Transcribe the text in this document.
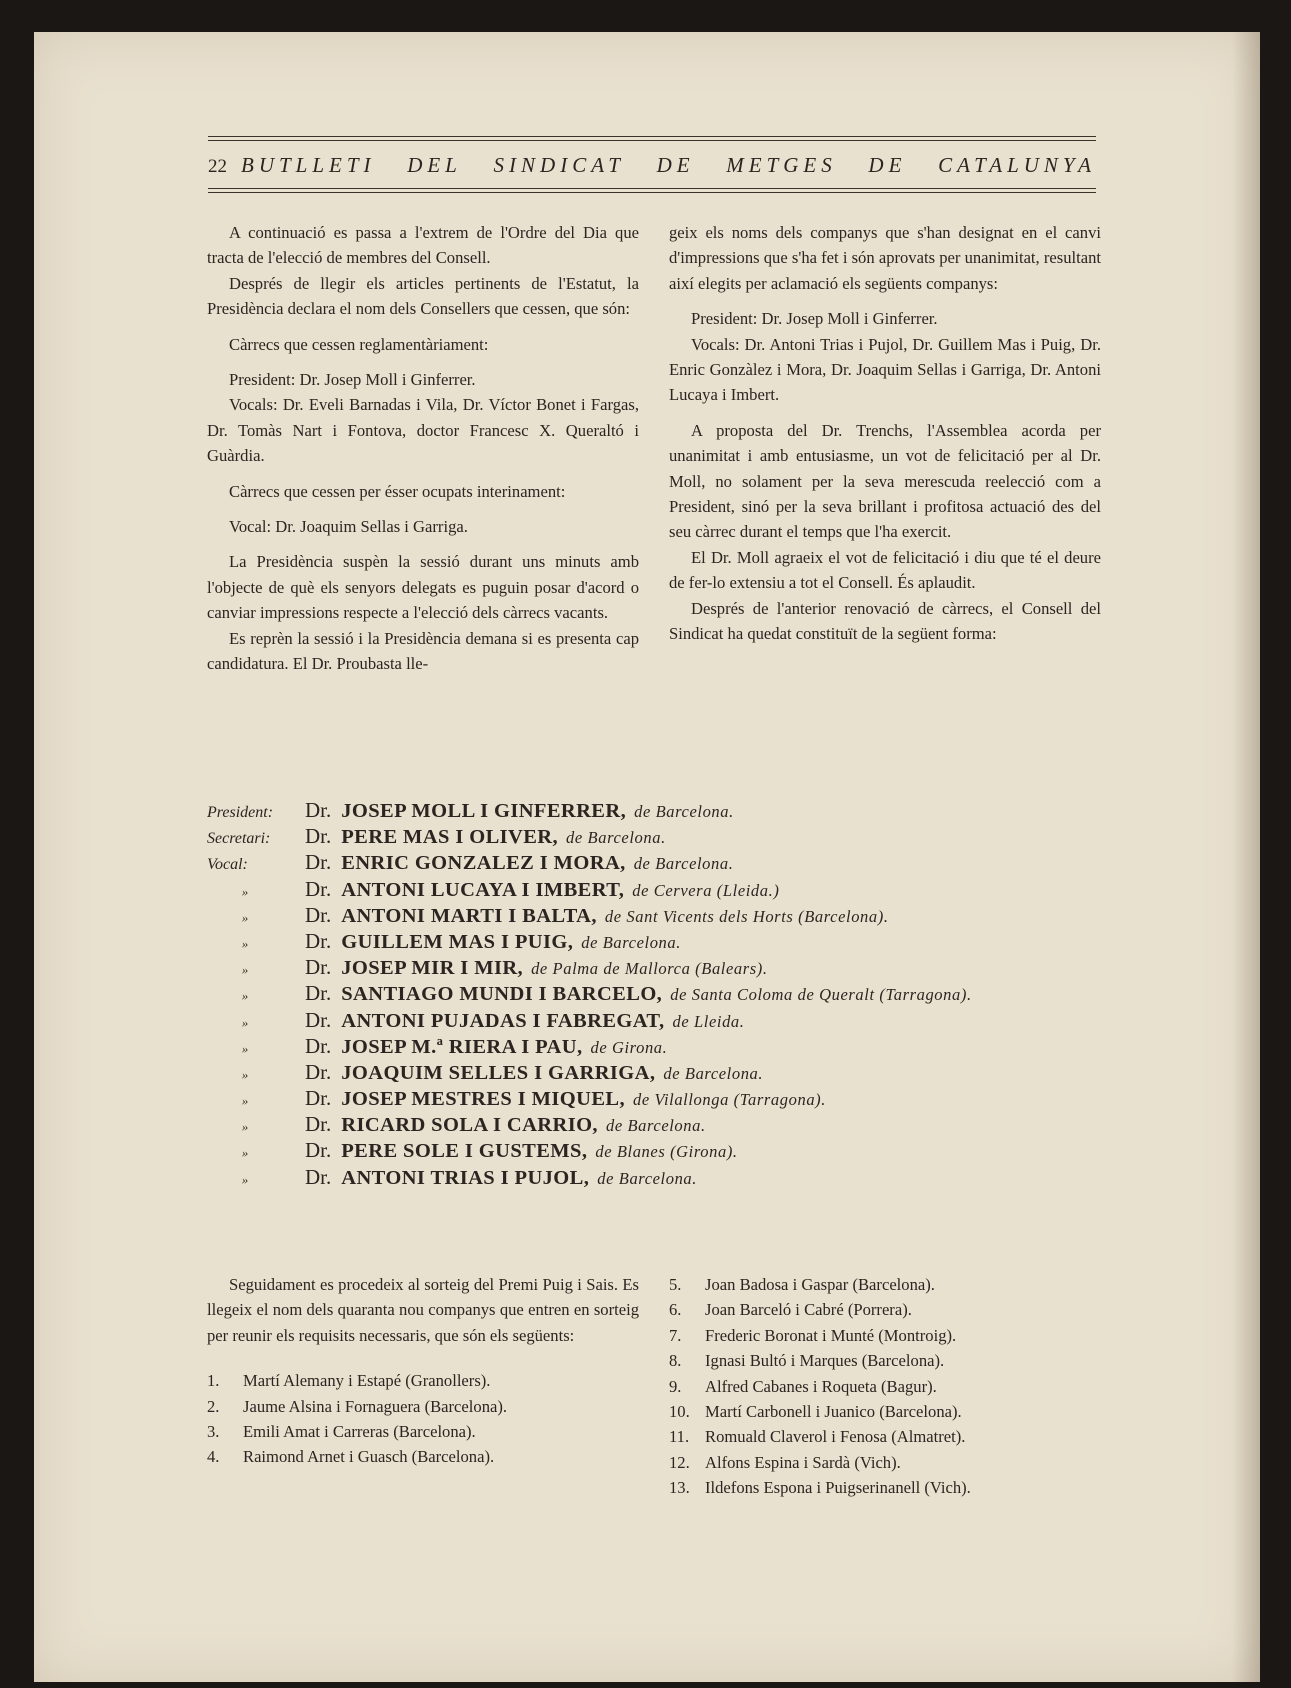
22 BUTLLETI DEL SINDICAT DE METGES DE CATALUNYA

A continuació es passa a l'extrem de l'Ordre del Dia que tracta de l'elecció de membres del Consell.

Després de llegir els articles pertinents de l'Estatut, la Presidència declara el nom dels Consellers que cessen, que són:

Càrrecs que cessen reglamentàriament:

President: Dr. Josep Moll i Ginferrer.

Vocals: Dr. Eveli Barnadas i Vila, Dr. Víctor Bonet i Fargas, Dr. Tomàs Nart i Fontova, doctor Francesc X. Queraltó i Guàrdia.

Càrrecs que cessen per ésser ocupats interinament:

Vocal: Dr. Joaquim Sellas i Garriga.

La Presidència suspèn la sessió durant uns minuts amb l'objecte de què els senyors delegats es puguin posar d'acord o canviar impressions respecte a l'elecció dels càrrecs vacants.

Es reprèn la sessió i la Presidència demana si es presenta cap candidatura. El Dr. Proubasta lle-

geix els noms dels companys que s'han designat en el canvi d'impressions que s'ha fet i són aprovats per unanimitat, resultant així elegits per aclamació els següents companys:

President: Dr. Josep Moll i Ginferrer.

Vocals: Dr. Antoni Trias i Pujol, Dr. Guillem Mas i Puig, Dr. Enric Gonzàlez i Mora, Dr. Joaquim Sellas i Garriga, Dr. Antoni Lucaya i Imbert.

A proposta del Dr. Trenchs, l'Assemblea acorda per unanimitat i amb entusiasme, un vot de felicitació per al Dr. Moll, no solament per la seva merescuda reelecció com a President, sinó per la seva brillant i profitosa actuació des del seu càrrec durant el temps que l'ha exercit.

El Dr. Moll agraeix el vot de felicitació i diu que té el deure de fer-lo extensiu a tot el Consell. És aplaudit.

Després de l'anterior renovació de càrrecs, el Consell del Sindicat ha quedat constituït de la següent forma:

President:	Dr. JOSEP MOLL I GINFERRER, de Barcelona.
Secretari:	Dr. PERE MAS I OLIVER, de Barcelona.
Vocal:	Dr. ENRIC GONZALEZ I MORA, de Barcelona.
»	Dr. ANTONI LUCAYA I IMBERT, de Cervera (Lleida.)
»	Dr. ANTONI MARTI I BALTA, de Sant Vicents dels Horts (Barcelona).
»	Dr. GUILLEM MAS I PUIG, de Barcelona.
»	Dr. JOSEP MIR I MIR, de Palma de Mallorca (Balears).
»	Dr. SANTIAGO MUNDI I BARCELO, de Santa Coloma de Queralt (Tarragona).
»	Dr. ANTONI PUJADAS I FABREGAT, de Lleida.
»	Dr. JOSEP M.ª RIERA I PAU, de Girona.
»	Dr. JOAQUIM SELLES I GARRIGA, de Barcelona.
»	Dr. JOSEP MESTRES I MIQUEL, de Vilallonga (Tarragona).
»	Dr. RICARD SOLA I CARRIO, de Barcelona.
»	Dr. PERE SOLE I GUSTEMS, de Blanes (Girona).
»	Dr. ANTONI TRIAS I PUJOL, de Barcelona.

Seguidament es procedeix al sorteig del Premi Puig i Sais. Es llegeix el nom dels quaranta nou companys que entren en sorteig per reunir els requisits necessaris, que són els següents:

1.	Martí Alemany i Estapé (Granollers).
2.	Jaume Alsina i Fornaguera (Barcelona).
3.	Emili Amat i Carreras (Barcelona).
4.	Raimond Arnet i Guasch (Barcelona).
5.	Joan Badosa i Gaspar (Barcelona).
6.	Joan Barceló i Cabré (Porrera).
7.	Frederic Boronat i Munté (Montroig).
8.	Ignasi Bultó i Marques (Barcelona).
9.	Alfred Cabanes i Roqueta (Bagur).
10. Martí Carbonell i Juanico (Barcelona).
11. Romuald Claverol i Fenosa (Almatret).
12. Alfons Espina i Sardà (Vich).
13. Ildefons Espona i Puigserinanell (Vich).
